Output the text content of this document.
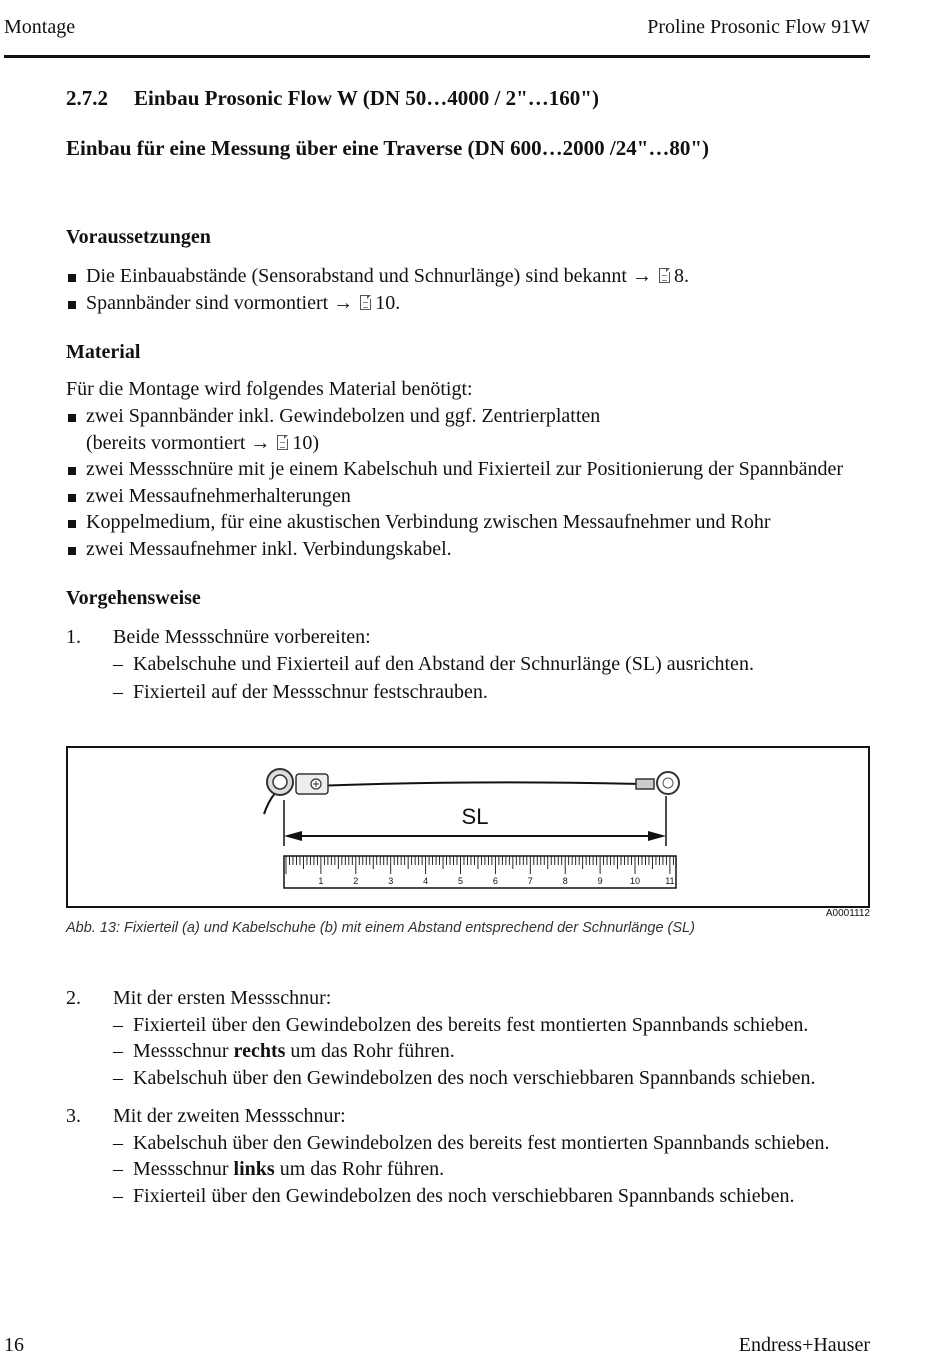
Montage	Proline Prosonic Flow 91W
2.7.2 Einbau Prosonic Flow W (DN 50…4000 / 2"…160")
Einbau für eine Messung über eine Traverse (DN 600…2000 /24"…80")
Voraussetzungen
Die Einbauabstände (Sensorabstand und Schnurlänge) sind bekannt → 8.
Spannbänder sind vormontiert → 10.
Material
Für die Montage wird folgendes Material benötigt:
zwei Spannbänder inkl. Gewindebolzen und ggf. Zentrierplatten
(bereits vormontiert → 10)
zwei Messschnüre mit je einem Kabelschuh und Fixierteil zur Positionierung der Spannbänder
zwei Messaufnehmerhalterungen
Koppelmedium, für eine akustischen Verbindung zwischen Messaufnehmer und Rohr
zwei Messaufnehmer inkl. Verbindungskabel.
Vorgehensweise
1. Beide Messschnüre vorbereiten:
– Kabelschuhe und Fixierteil auf den Abstand der Schnurlänge (SL) ausrichten.
– Fixierteil auf der Messschnur festschrauben.
SL
1	2	3	4	5	6	7	8	9	10	11
A0001112
Abb. 13: Fixierteil (a) und Kabelschuhe (b) mit einem Abstand entsprechend der Schnurlänge (SL)
2. Mit der ersten Messschnur:
– Fixierteil über den Gewindebolzen des bereits fest montierten Spannbands schieben.
– Messschnur rechts um das Rohr führen.
– Kabelschuh über den Gewindebolzen des noch verschiebbaren Spannbands schieben.
3. Mit der zweiten Messschnur:
– Kabelschuh über den Gewindebolzen des bereits fest montierten Spannbands schieben.
– Messschnur links um das Rohr führen.
– Fixierteil über den Gewindebolzen des noch verschiebbaren Spannbands schieben.
16	Endress+Hauser
